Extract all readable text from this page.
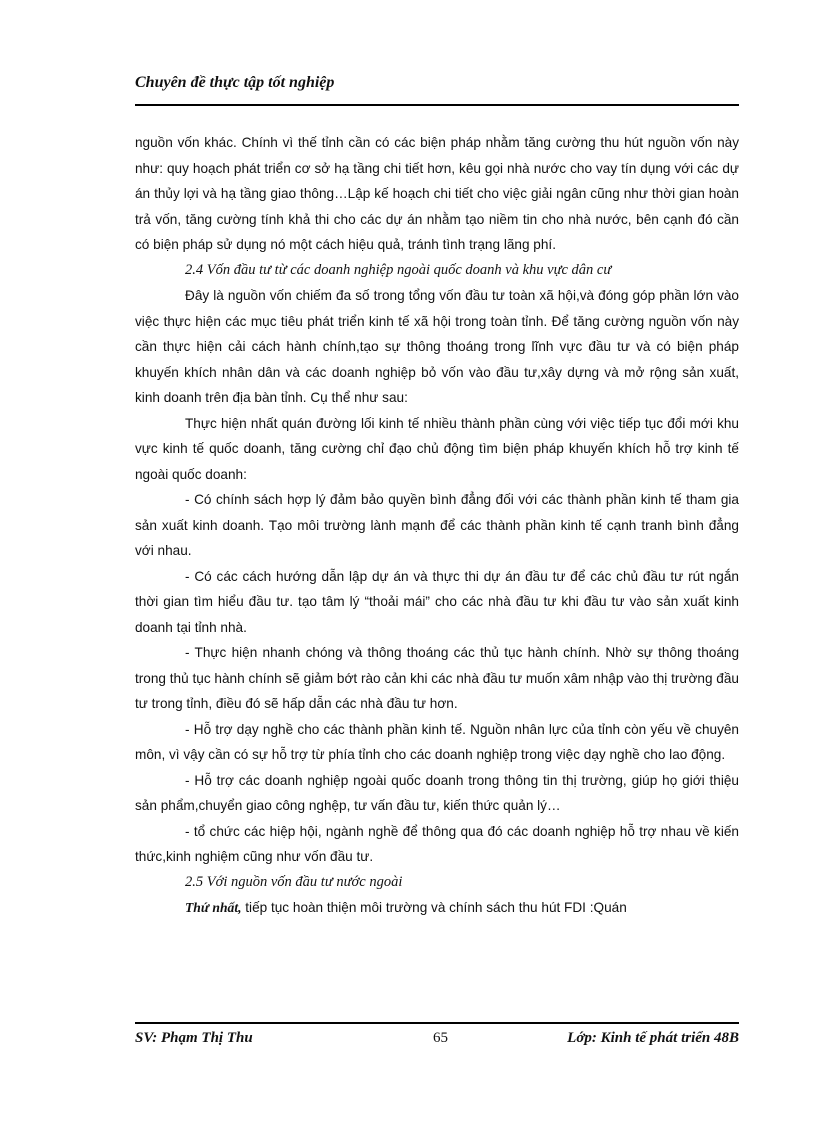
Chuyên đề thực tập tốt nghiệp

nguồn vốn khác. Chính vì thế tỉnh cần có các biện pháp nhằm tăng cường thu hút nguồn vốn này như: quy hoạch phát triển cơ sở hạ tầng chi tiết hơn, kêu gọi nhà nước cho vay tín dụng với các dự án thủy lợi và hạ tầng giao thông…Lập kế hoạch chi tiết cho việc giải ngân cũng như thời gian hoàn trả vốn, tăng cường tính khả thi cho các dự án nhằm tạo niềm tin cho nhà nước, bên cạnh đó cần có biện pháp sử dụng nó một cách hiệu quả, tránh tình trạng lãng phí.

2.4 Vốn đầu tư từ các doanh nghiệp ngoài quốc doanh và khu vực dân cư

Đây là nguồn vốn chiếm đa số trong tổng vốn đầu tư toàn xã hội,và đóng góp phần lớn vào việc thực hiện các mục tiêu phát triển kinh tế xã hội trong toàn tỉnh. Để tăng cường nguồn vốn này cần thực hiện cải cách hành chính,tạo sự thông thoáng trong lĩnh vực đầu tư và có biện pháp khuyến khích nhân dân và các doanh nghiệp bỏ vốn vào đầu tư,xây dựng và mở rộng sản xuất, kinh doanh trên địa bàn tỉnh. Cụ thể như sau:

Thực hiện nhất quán đường lối kinh tế nhiều thành phần cùng với việc tiếp tục đổi mới khu vực kinh tế quốc doanh, tăng cường chỉ đạo chủ động tìm biện pháp khuyến khích hỗ trợ kinh tế ngoài quốc doanh:

- Có chính sách hợp lý đảm bảo quyền bình đẳng đối với các thành phần kinh tế tham gia sản xuất kinh doanh. Tạo môi trường lành mạnh để các thành phần kinh tế cạnh tranh bình đẳng với nhau.

- Có các cách hướng dẫn lập dự án và thực thi dự án đầu tư để các chủ đầu tư rút ngắn thời gian tìm hiểu đầu tư. tạo tâm lý “thoải mái” cho các nhà đầu tư khi đầu tư vào sản xuất kinh doanh tại tỉnh nhà.

- Thực hiện nhanh chóng và thông thoáng các thủ tục hành chính. Nhờ sự thông thoáng trong thủ tục hành chính sẽ giảm bớt rào cản khi các nhà đầu tư muốn xâm nhập vào thị trường đầu tư trong tỉnh, điều đó sẽ hấp dẫn các nhà đầu tư hơn.

- Hỗ trợ dạy nghề cho các thành phần kinh tế. Nguồn nhân lực của tỉnh còn yếu về chuyên môn, vì vậy cần có sự hỗ trợ từ phía tỉnh cho các doanh nghiệp trong việc dạy nghề cho lao động.

- Hỗ trợ các doanh nghiệp ngoài quốc doanh trong thông tin thị trường, giúp họ giới thiệu sản phẩm,chuyển giao công nghệp, tư vấn đầu tư, kiến thức quản lý…

- tổ chức các hiệp hội, ngành nghề để thông qua đó các doanh nghiệp hỗ trợ nhau về kiến thức,kinh nghiệm cũng như vốn đầu tư.

2.5 Với nguồn vốn đầu tư nước ngoài

Thứ nhất, tiếp tục hoàn thiện môi trường và chính sách thu hút FDI :Quán

SV: Phạm Thị Thu	65	Lớp: Kinh tế phát triển 48B
